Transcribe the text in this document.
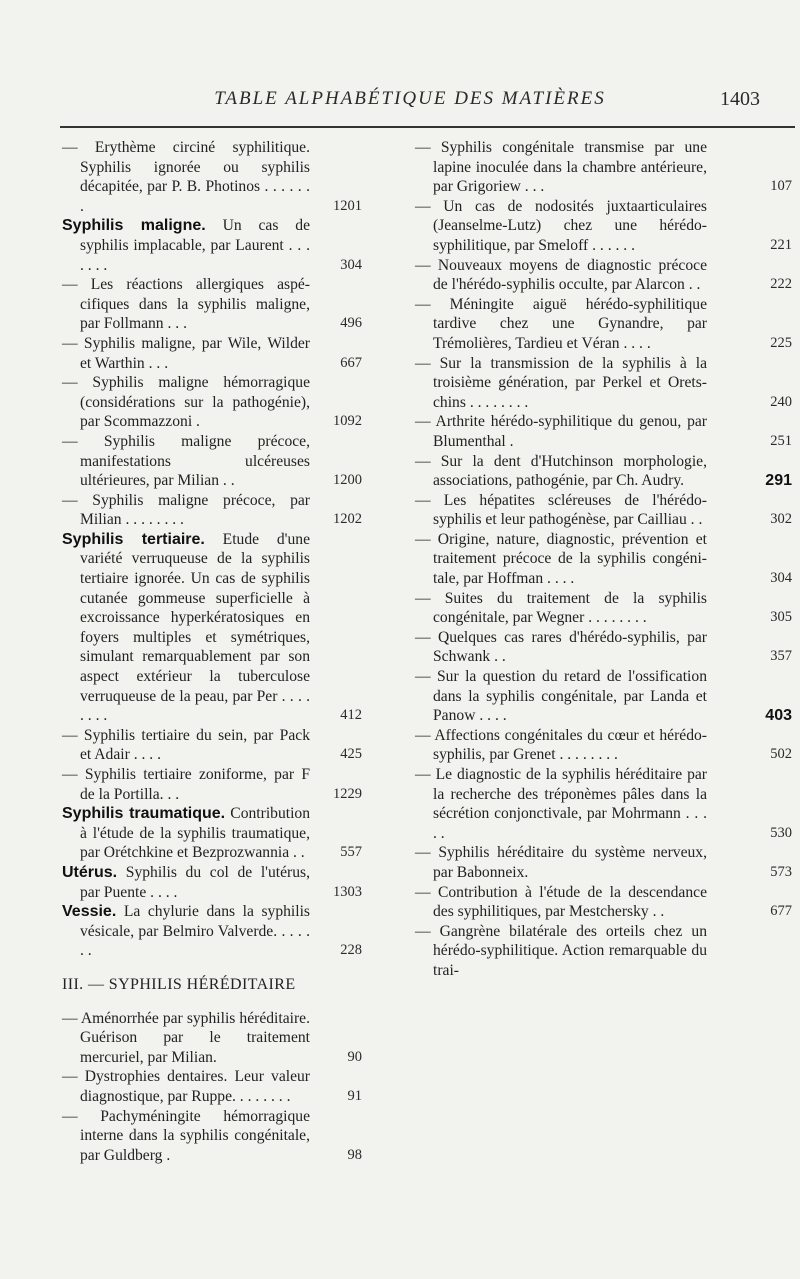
TABLE ALPHABÉTIQUE DES MATIÈRES	1403

— Erythème circiné syphilitique. Syphilis ignorée ou syphilis décapitée, par P. B. Photinos . . . . . . .	1201

Syphilis maligne. Un cas de syphilis implacable, par Laurent . . . . . . .	304

— Les réactions allergiques aspécifiques dans la syphilis maligne, par Follmann . . .	496

— Syphilis maligne, par Wile, Wilder et Warthin . . .	667

— Syphilis maligne hémorragique (considérations sur la pathogénie), par Scommazzoni .	1092

— Syphilis maligne précoce, manifestations ulcéreuses ultérieures, par Milian . .	1200

— Syphilis maligne précoce, par Milian . . . . . . . .	1202

Syphilis tertiaire. Etude d'une variété verruqueuse de la syphilis tertiaire ignorée. Un cas de syphilis cutanée gommeuse superficielle à excroissance hyperkératosiques en foyers multiples et symétriques, simulant remarquablement par son aspect extérieur la tuberculose verruqueuse de la peau, par Per . . . . . . . .	412

— Syphilis tertiaire du sein, par Pack et Adair . . . .	425

— Syphilis tertiaire zoniforme, par F de la Portilla. . .	1229

Syphilis traumatique. Contribution à l'étude de la syphilis traumatique, par Orétchkine et Bezprozwannia . . 557

Utérus. Syphilis du col de l'utérus, par Puente . . . .	1303

Vessie. La chylurie dans la syphilis vésicale, par Belmiro Valverde. . . . . . .	228

III. — SYPHILIS HÉRÉDITAIRE

— Aménorrhée par syphilis héréditaire. Guérison par le traitement mercuriel, par Milian.	90

— Dystrophies dentaires. Leur valeur diagnostique, par Ruppe. . . . . . . .	91

— Pachyméningite hémorragique interne dans la syphilis congénitale, par Guldberg .	98

— Syphilis congénitale transmise par une lapine inoculée dans la chambre antérieure, par Grigoriew . . .	107

— Un cas de nodosités juxtaarticulaires (Jeanselme-Lutz) chez une hérédo-syphilitique, par Smeloff . . . . . .	221

— Nouveaux moyens de diagnostic précoce de l'hérédo-syphilis occulte, par Alarcon . .	222

— Méningite aiguë hérédo-syphilitique tardive chez une Gynandre, par Trémolières, Tardieu et Véran . . . .	225

— Sur la transmission de la syphilis à la troisième génération, par Perkel et Oretschins . . . . . . . .	240

— Arthrite hérédo-syphilitique du genou, par Blumenthal .	251

— Sur la dent d'Hutchinson morphologie, associations, pathogénie, par Ch. Audry.	291

— Les hépatites scléreuses de l'hérédo-syphilis et leur pathogénèse, par Cailliau . .	302

— Origine, nature, diagnostic, prévention et traitement précoce de la syphilis congénitale, par Hoffman . . . .	304

— Suites du traitement de la syphilis congénitale, par Wegner . . . . . . . .	305

— Quelques cas rares d'hérédo-syphilis, par Schwank . .	357

— Sur la question du retard de l'ossification dans la syphilis congénitale, par Landa et Panow . . . .	403

— Affections congénitales du cœur et hérédo-syphilis, par Grenet . . . . . . . .	502

— Le diagnostic de la syphilis héréditaire par la recherche des tréponèmes pâles dans la sécrétion conjonctivale, par Mohrmann . . . . .	530

— Syphilis héréditaire du système nerveux, par Babonneix.	573

— Contribution à l'étude de la descendance des syphilitiques, par Mestchersky . .	677

— Gangrène bilatérale des orteils chez un hérédo-syphilitique. Action remarquable du trai-
